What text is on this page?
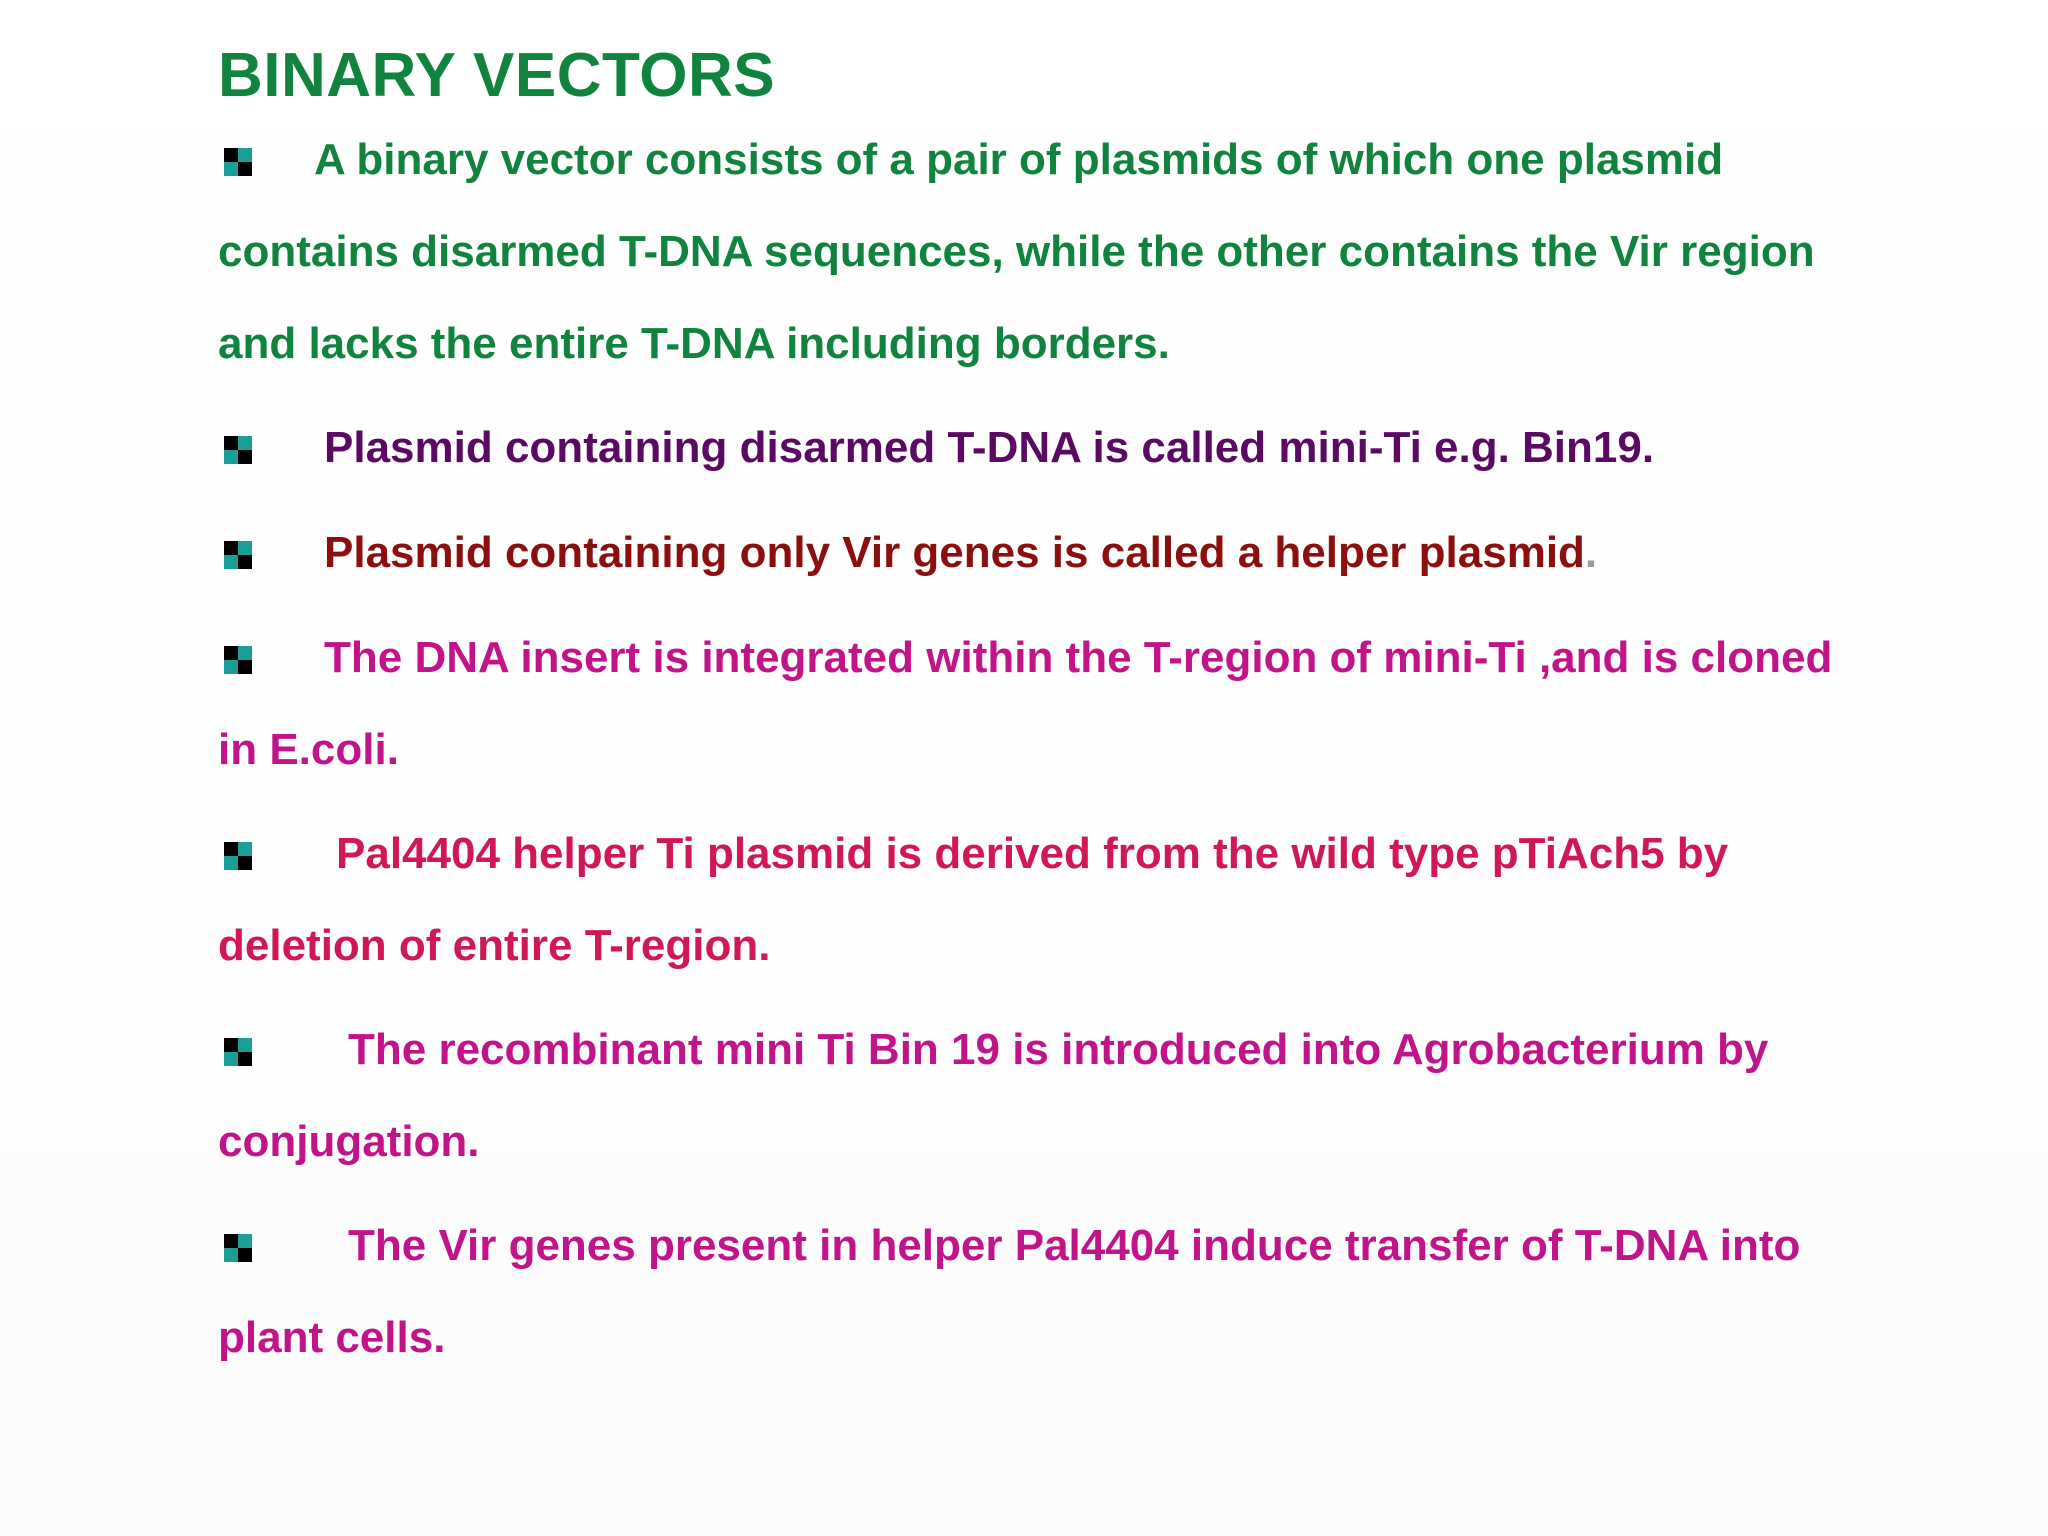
BINARY VECTORS
A binary vector consists of a pair of plasmids of which one plasmid contains disarmed T-DNA sequences, while the other contains the Vir region and lacks the entire T-DNA including borders.
Plasmid containing disarmed T-DNA is called mini-Ti e.g. Bin19.
Plasmid containing only Vir genes is called a helper plasmid.
The DNA insert is integrated within the T-region of mini-Ti ,and is cloned in E.coli.
Pal4404 helper Ti plasmid is derived from the wild type pTiAch5 by deletion of entire T-region.
The recombinant mini Ti Bin 19 is introduced into Agrobacterium by conjugation.
The Vir genes present in helper Pal4404 induce transfer of T-DNA into plant cells.
